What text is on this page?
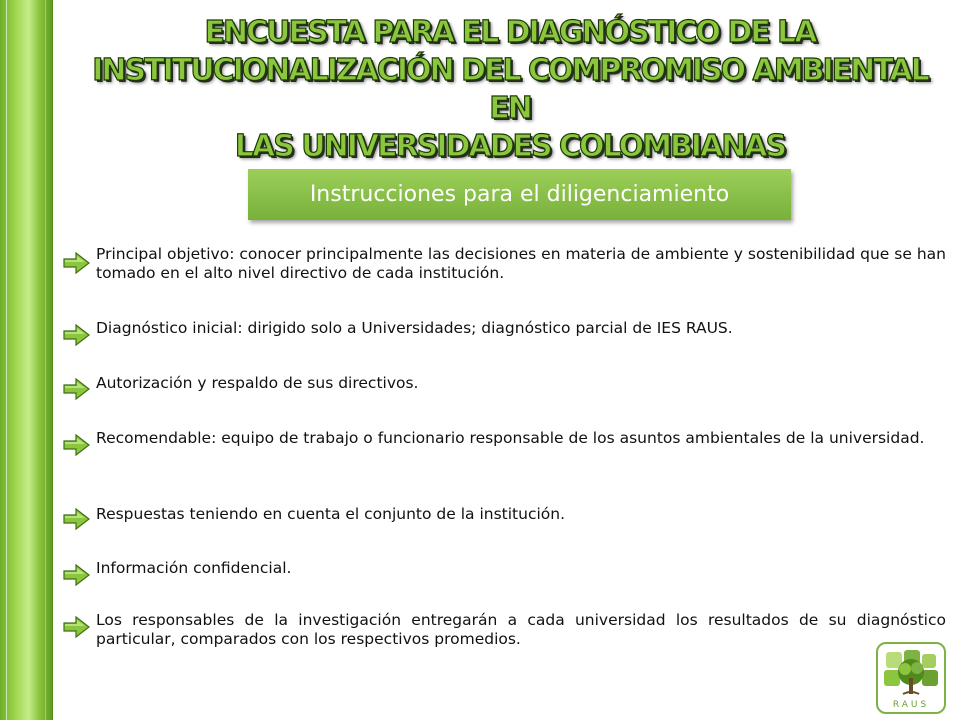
ENCUESTA PARA EL DIAGNÓSTICO DE LA
INSTITUCIONALIZACIÓN DEL COMPROMISO AMBIENTAL EN
LAS UNIVERSIDADES COLOMBIANAS
Instrucciones para el diligenciamiento
Principal objetivo: conocer principalmente las decisiones en materia de ambiente y sostenibilidad que se han tomado en el alto nivel directivo de cada institución.
Diagnóstico inicial: dirigido solo a Universidades; diagnóstico parcial de IES RAUS.
Autorización y respaldo de sus directivos.
Recomendable: equipo de trabajo o funcionario responsable de los asuntos ambientales de la universidad.
Respuestas teniendo en cuenta el conjunto de la institución.
Información confidencial.
Los responsables de la investigación entregarán a cada universidad los resultados de su diagnóstico particular, comparados con los respectivos promedios.
RAUS
